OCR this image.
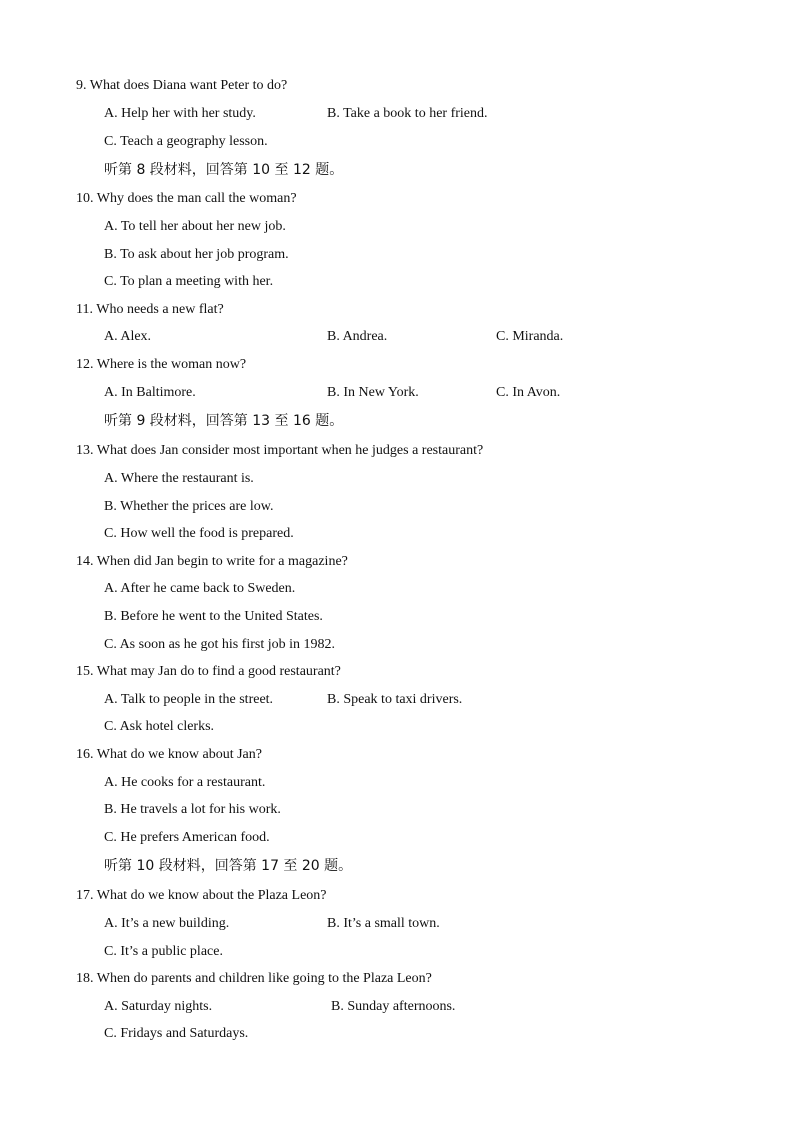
9. What does Diana want Peter to do?
A. Help her with her study.	B. Take a book to her friend.
C. Teach a geography lesson.
听第 8 段材料，回答第 10 至 12 题。
10. Why does the man call the woman?
A. To tell her about her new job.
B. To ask about her job program.
C. To plan a meeting with her.
11. Who needs a new flat?
A. Alex.	B. Andrea.	C. Miranda.
12. Where is the woman now?
A. In Baltimore.	B. In New York.	C. In Avon.
听第 9 段材料，回答第 13 至 16 题。
13. What does Jan consider most important when he judges a restaurant?
A. Where the restaurant is.
B. Whether the prices are low.
C. How well the food is prepared.
14. When did Jan begin to write for a magazine?
A. After he came back to Sweden.
B. Before he went to the United States.
C. As soon as he got his first job in 1982.
15. What may Jan do to find a good restaurant?
A. Talk to people in the street.	B. Speak to taxi drivers.
C. Ask hotel clerks.
16. What do we know about Jan?
A. He cooks for a restaurant.
B. He travels a lot for his work.
C. He prefers American food.
听第 10 段材料，回答第 17 至 20 题。
17. What do we know about the Plaza Leon?
A. It’s a new building.	B. It’s a small town.
C. It’s a public place.
18. When do parents and children like going to the Plaza Leon?
A. Saturday nights.	B. Sunday afternoons.
C. Fridays and Saturdays.
